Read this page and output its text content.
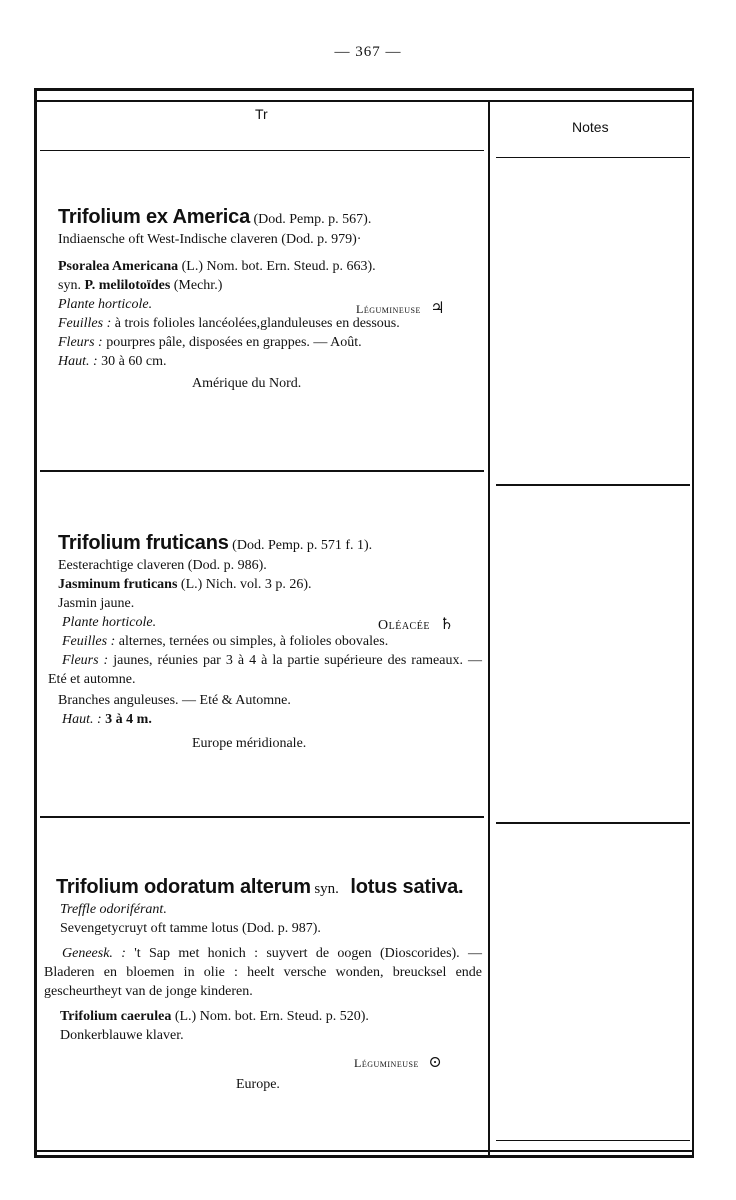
— 367 —
Tr
Notes
Trifolium ex America (Dod. Pemp. p. 567).
Indiaensche oft West-Indische claveren (Dod. p. 979)·
Psoralea Americana (L.) Nom. bot. Ern. Steud. p. 663).
syn. P. melilotoïdes (Mechr.)
Plante horticole.	Légumineuse ♃
Feuilles : à trois folioles lancéolées,glanduleuses en dessous.
Fleurs : pourpres pâle, disposées en grappes. — Août.
Haut. : 30 à 60 cm.
Amérique du Nord.
Trifolium fruticans (Dod. Pemp. p. 571 f. 1).
Eesterachtige claveren (Dod. p. 986).
Jasminum fruticans (L.) Nich. vol. 3 p. 26).
Jasmin jaune.
Plante horticole.	Oléacée ♄
Feuilles : alternes, ternées ou simples, à folioles obovales.
Fleurs : jaunes, réunies par 3 à 4 à la partie supérieure des rameaux. — Eté et automne.
Branches anguleuses. — Eté & Automne.
Haut. : 3 à 4 m.
Europe méridionale.
Trifolium odoratum alterum syn. lotus sativa.
Treffle odoriférant.
Sevengetycruyt oft tamme lotus (Dod. p. 987).
Geneesk. : 't Sap met honich : suyvert de oogen (Dioscorides). — Bladeren en bloemen in olie : heelt versche wonden, breucksel ende gescheurtheyt van de jonge kinderen.
Trifolium caerulea (L.) Nom. bot. Ern. Steud. p. 520).
Donkerblauwe klaver.
Légumineuse ⊙
Europe.
